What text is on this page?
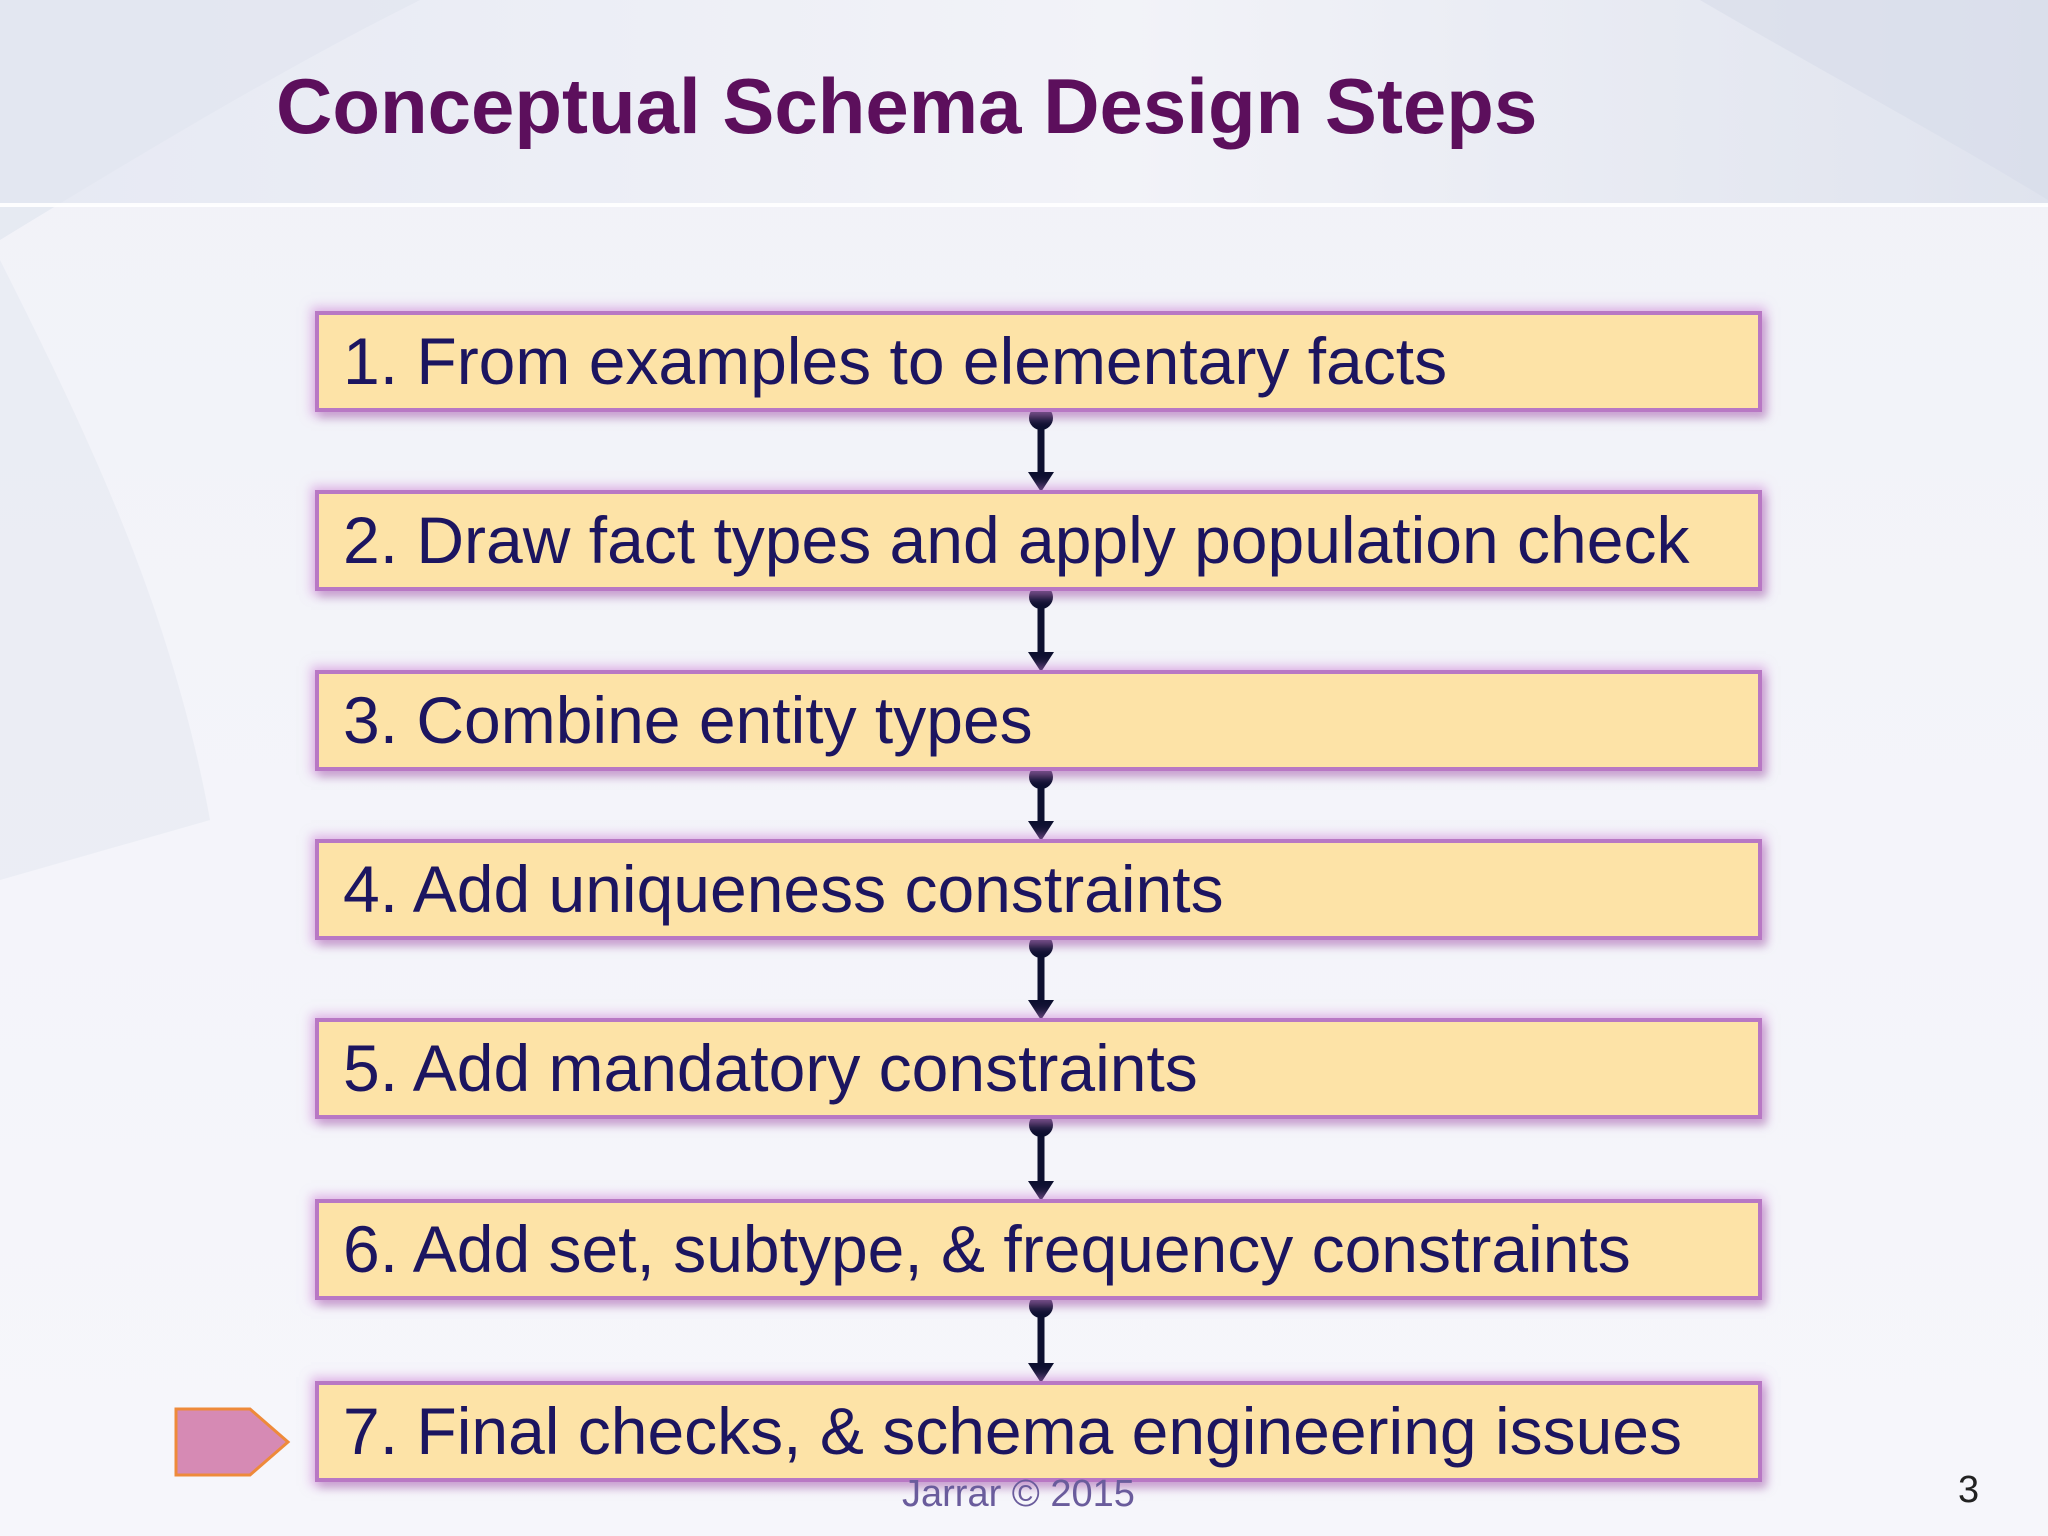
Conceptual Schema Design Steps
1. From examples to elementary facts
2. Draw fact types and apply population check
3. Combine entity types
4. Add uniqueness constraints
5. Add mandatory constraints
6. Add set, subtype, & frequency constraints
7. Final checks, & schema engineering issues
Jarrar © 2015	3
